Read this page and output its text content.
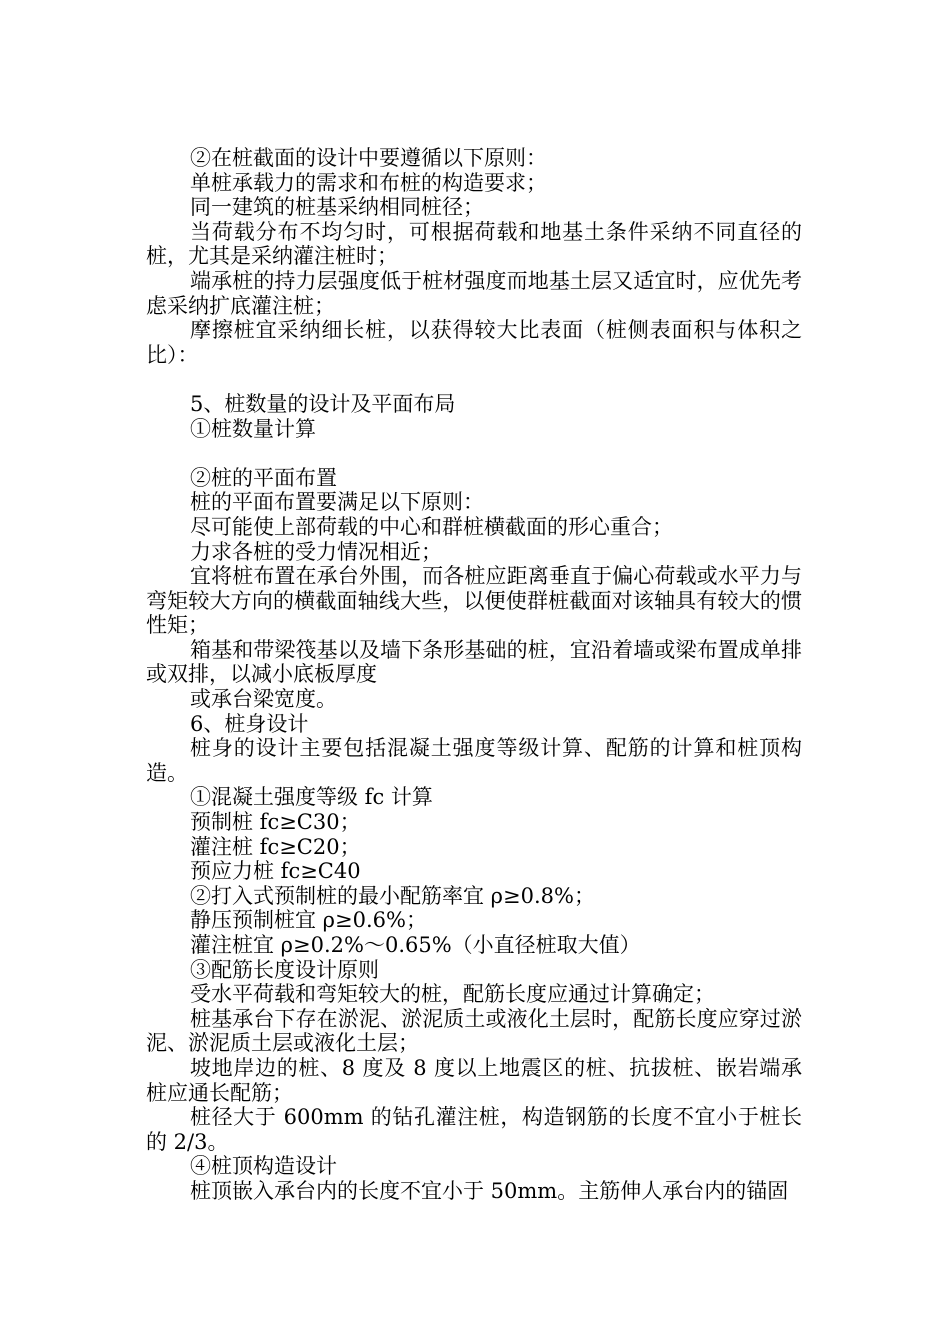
②在桩截面的设计中要遵循以下原则：

单桩承载力的需求和布桩的构造要求；

同一建筑的桩基采纳相同桩径；

当荷载分布不均匀时，可根据荷载和地基土条件采纳不同直径的桩，尤其是采纳灌注桩时；

端承桩的持力层强度低于桩材强度而地基土层又适宜时，应优先考虑采纳扩底灌注桩；

摩擦桩宜采纳细长桩，以获得较大比表面（桩侧表面积与体积之比）：

5、桩数量的设计及平面布局

①桩数量计算

②桩的平面布置

桩的平面布置要满足以下原则：

尽可能使上部荷载的中心和群桩横截面的形心重合；

力求各桩的受力情况相近；

宜将桩布置在承台外围，而各桩应距离垂直于偏心荷载或水平力与弯矩较大方向的横截面轴线大些，以便使群桩截面对该轴具有较大的惯性矩；

箱基和带梁筏基以及墙下条形基础的桩，宜沿着墙或梁布置成单排或双排，以减小底板厚度

或承台梁宽度。

6、桩身设计

桩身的设计主要包括混凝土强度等级计算、配筋的计算和桩顶构造。

①混凝土强度等级 fc 计算

预制桩 fc≥C30；

灌注桩 fc≥C20；

预应力桩 fc≥C40

②打入式预制桩的最小配筋率宜 ρ≥0.8%；

静压预制桩宜 ρ≥0.6%；

灌注桩宜 ρ≥0.2%～0.65%（小直径桩取大值）

③配筋长度设计原则

受水平荷载和弯矩较大的桩，配筋长度应通过计算确定；

桩基承台下存在淤泥、淤泥质土或液化土层时，配筋长度应穿过淤泥、淤泥质土层或液化土层；

坡地岸边的桩、8 度及 8 度以上地震区的桩、抗拔桩、嵌岩端承桩应通长配筋；

桩径大于 600mm 的钻孔灌注桩，构造钢筋的长度不宜小于桩长的 2/3。

④桩顶构造设计

桩顶嵌入承台内的长度不宜小于 50mm。主筋伸人承台内的锚固
